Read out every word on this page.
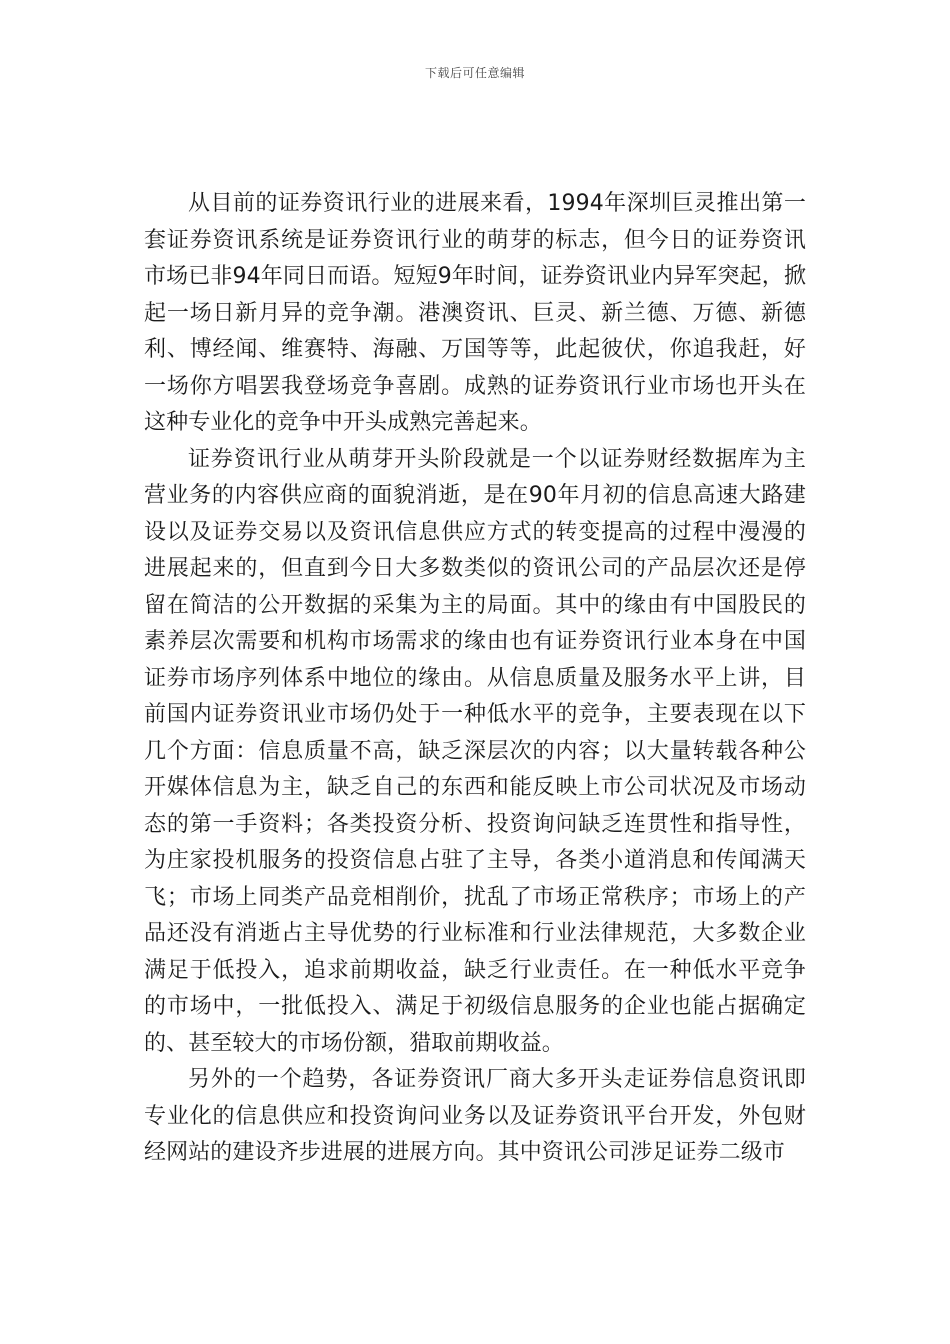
下载后可任意编辑

从目前的证券资讯行业的进展来看，1994年深圳巨灵推出第一套证券资讯系统是证券资讯行业的萌芽的标志，但今日的证券资讯市场已非94年同日而语。短短9年时间，证券资讯业内异军突起，掀起一场日新月异的竞争潮。港澳资讯、巨灵、新兰德、万德、新德利、博经闻、维赛特、海融、万国等等，此起彼伏，你追我赶，好一场你方唱罢我登场竞争喜剧。成熟的证券资讯行业市场也开头在这种专业化的竞争中开头成熟完善起来。

证券资讯行业从萌芽开头阶段就是一个以证券财经数据库为主营业务的内容供应商的面貌消逝，是在90年月初的信息高速大路建设以及证券交易以及资讯信息供应方式的转变提高的过程中漫漫的进展起来的，但直到今日大多数类似的资讯公司的产品层次还是停留在简洁的公开数据的采集为主的局面。其中的缘由有中国股民的素养层次需要和机构市场需求的缘由也有证券资讯行业本身在中国证券市场序列体系中地位的缘由。从信息质量及服务水平上讲，目前国内证券资讯业市场仍处于一种低水平的竞争，主要表现在以下几个方面：信息质量不高，缺乏深层次的内容；以大量转载各种公开媒体信息为主，缺乏自己的东西和能反映上市公司状况及市场动态的第一手资料；各类投资分析、投资询问缺乏连贯性和指导性，为庄家投机服务的投资信息占驻了主导，各类小道消息和传闻满天飞；市场上同类产品竞相削价，扰乱了市场正常秩序；市场上的产品还没有消逝占主导优势的行业标准和行业法律规范，大多数企业满足于低投入，追求前期收益，缺乏行业责任。在一种低水平竞争的市场中，一批低投入、满足于初级信息服务的企业也能占据确定的、甚至较大的市场份额，猎取前期收益。

另外的一个趋势，各证券资讯厂商大多开头走证券信息资讯即专业化的信息供应和投资询问业务以及证券资讯平台开发，外包财经网站的建设齐步进展的进展方向。其中资讯公司涉足证券二级市
